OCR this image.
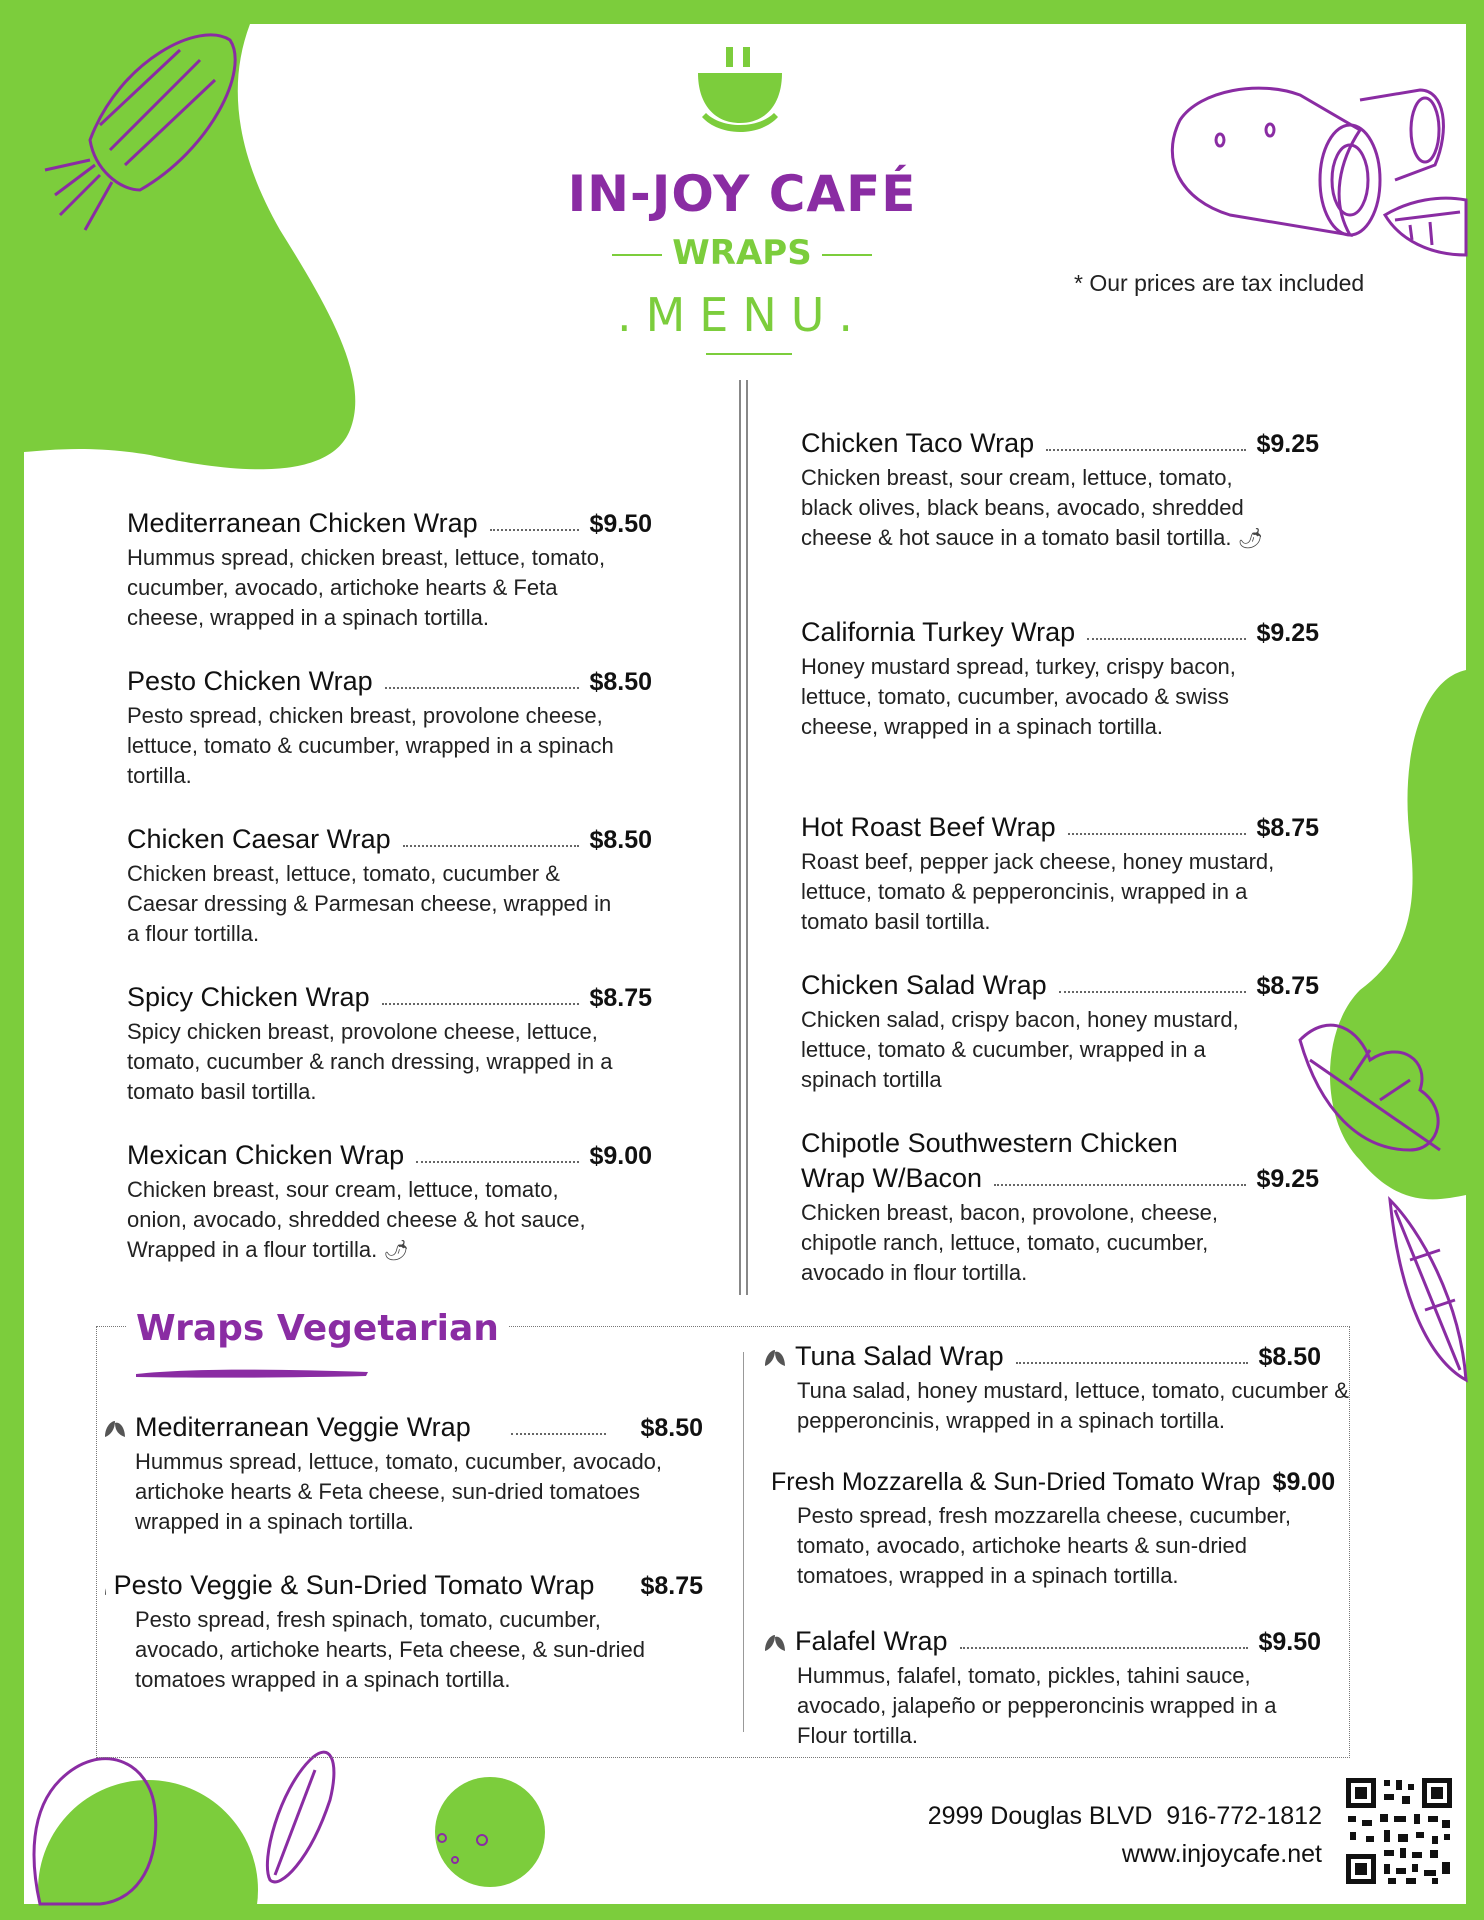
IN-JOY CAFÉ
WRAPS
.MENU.
* Our prices are tax included
Mediterranean Chicken Wrap	$9.50
Hummus spread, chicken breast, lettuce, tomato, cucumber, avocado, artichoke hearts & Feta cheese, wrapped in a spinach tortilla.
Pesto Chicken Wrap	$8.50
Pesto spread, chicken breast, provolone cheese, lettuce, tomato & cucumber, wrapped in a spinach tortilla.
Chicken Caesar Wrap	$8.50
Chicken breast, lettuce, tomato, cucumber & Caesar dressing & Parmesan cheese, wrapped in a flour tortilla.
Spicy Chicken Wrap	$8.75
Spicy chicken breast, provolone cheese, lettuce, tomato, cucumber & ranch dressing, wrapped in a tomato basil tortilla.
Mexican Chicken Wrap	$9.00
Chicken breast, sour cream, lettuce, tomato, onion, avocado, shredded cheese & hot sauce, Wrapped in a flour tortilla. 🌶
Chicken Taco Wrap	$9.25
Chicken breast, sour cream, lettuce, tomato, black olives, black beans, avocado, shredded cheese & hot sauce in a tomato basil tortilla. 🌶
California Turkey Wrap	$9.25
Honey mustard spread, turkey, crispy bacon, lettuce, tomato, cucumber, avocado & swiss cheese, wrapped in a spinach tortilla.
Hot Roast Beef Wrap	$8.75
Roast beef, pepper jack cheese, honey mustard, lettuce, tomato & pepperoncinis, wrapped in a tomato basil tortilla.
Chicken Salad Wrap	$8.75
Chicken salad, crispy bacon, honey mustard, lettuce, tomato & cucumber, wrapped in a spinach tortilla
Chipotle Southwestern Chicken
Wrap W/Bacon	$9.25
Chicken breast, bacon, provolone, cheese, chipotle ranch, lettuce, tomato, cucumber, avocado in flour tortilla.
Wraps Vegetarian
Mediterranean Veggie Wrap	$8.50
Hummus spread, lettuce, tomato, cucumber, avocado, artichoke hearts & Feta cheese, sun-dried tomatoes wrapped in a spinach tortilla.
Pesto Veggie & Sun-Dried Tomato Wrap $8.75
Pesto spread, fresh spinach, tomato, cucumber, avocado, artichoke hearts, Feta cheese, & sun-dried tomatoes wrapped in a spinach tortilla.
Tuna Salad Wrap	$8.50
Tuna salad, honey mustard, lettuce, tomato, cucumber & pepperoncinis, wrapped in a spinach tortilla.
Fresh Mozzarella & Sun-Dried Tomato Wrap $9.00
Pesto spread, fresh mozzarella cheese, cucumber, tomato, avocado, artichoke hearts & sun-dried tomatoes, wrapped in a spinach tortilla.
Falafel Wrap	$9.50
Hummus, falafel, tomato, pickles, tahini sauce, avocado, jalapeño or pepperoncinis wrapped in a Flour tortilla.
2999 Douglas BLVD 916-772-1812
www.injoycafe.net
